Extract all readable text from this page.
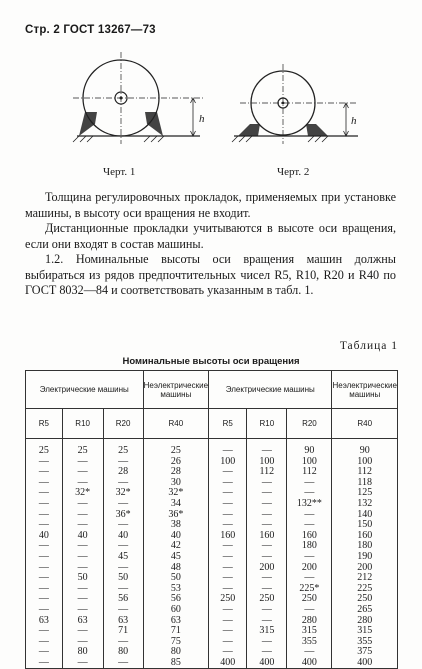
Стр. 2 ГОСТ 13267—73
h
Черт. 1
h
Черт. 2

Толщина регулировочных прокладок, применяемых при установке машины, в высоту оси вращения не входит.

Дистанционные прокладки учитываются в высоте оси вращения, если они входят в состав машины.

1.2. Номинальные высоты оси вращения машин должны выбираться из рядов предпочтительных чисел R5, R10, R20 и R40 по ГОСТ 8032—84 и соответствовать указанным в табл. 1.

Таблица 1
Номинальные высоты оси вращения
Электрические машины			Неэлектрические машины	Электрические машины			Неэлектрические машины
R5	R10	R20	R40	R5	R10	R20	R40
25	25	25	25	—	—	90	90
—	—	—	26	100	100	100	100
—	—	28	28	—	112	112	112
—	—	—	30	—	—	—	118
—	32*	32*	32*	—	—	—	125
—	—	—	34	—	—	132**	132
—	—	36*	36*	—	—	—	140
—	—	—	38	—	—	—	150
40	40	40	40	160	160	160	160
—	—	—	42	—	—	180	180
—	—	45	45	—	—	—	190
—	—	—	48	—	200	200	200
—	50	50	50	—	—	—	212
—	—	—	53	—	—	225*	225
—	—	56	56	250	250	250	250
—	—	—	60	—	—	—	265
63	63	63	63	—	—	280	280
—	—	71	71	—	315	315	315
—	—	—	75	—	—	355	355
—	80	80	80	—	—	—	375
—	—	—	85	400	400	400	400
